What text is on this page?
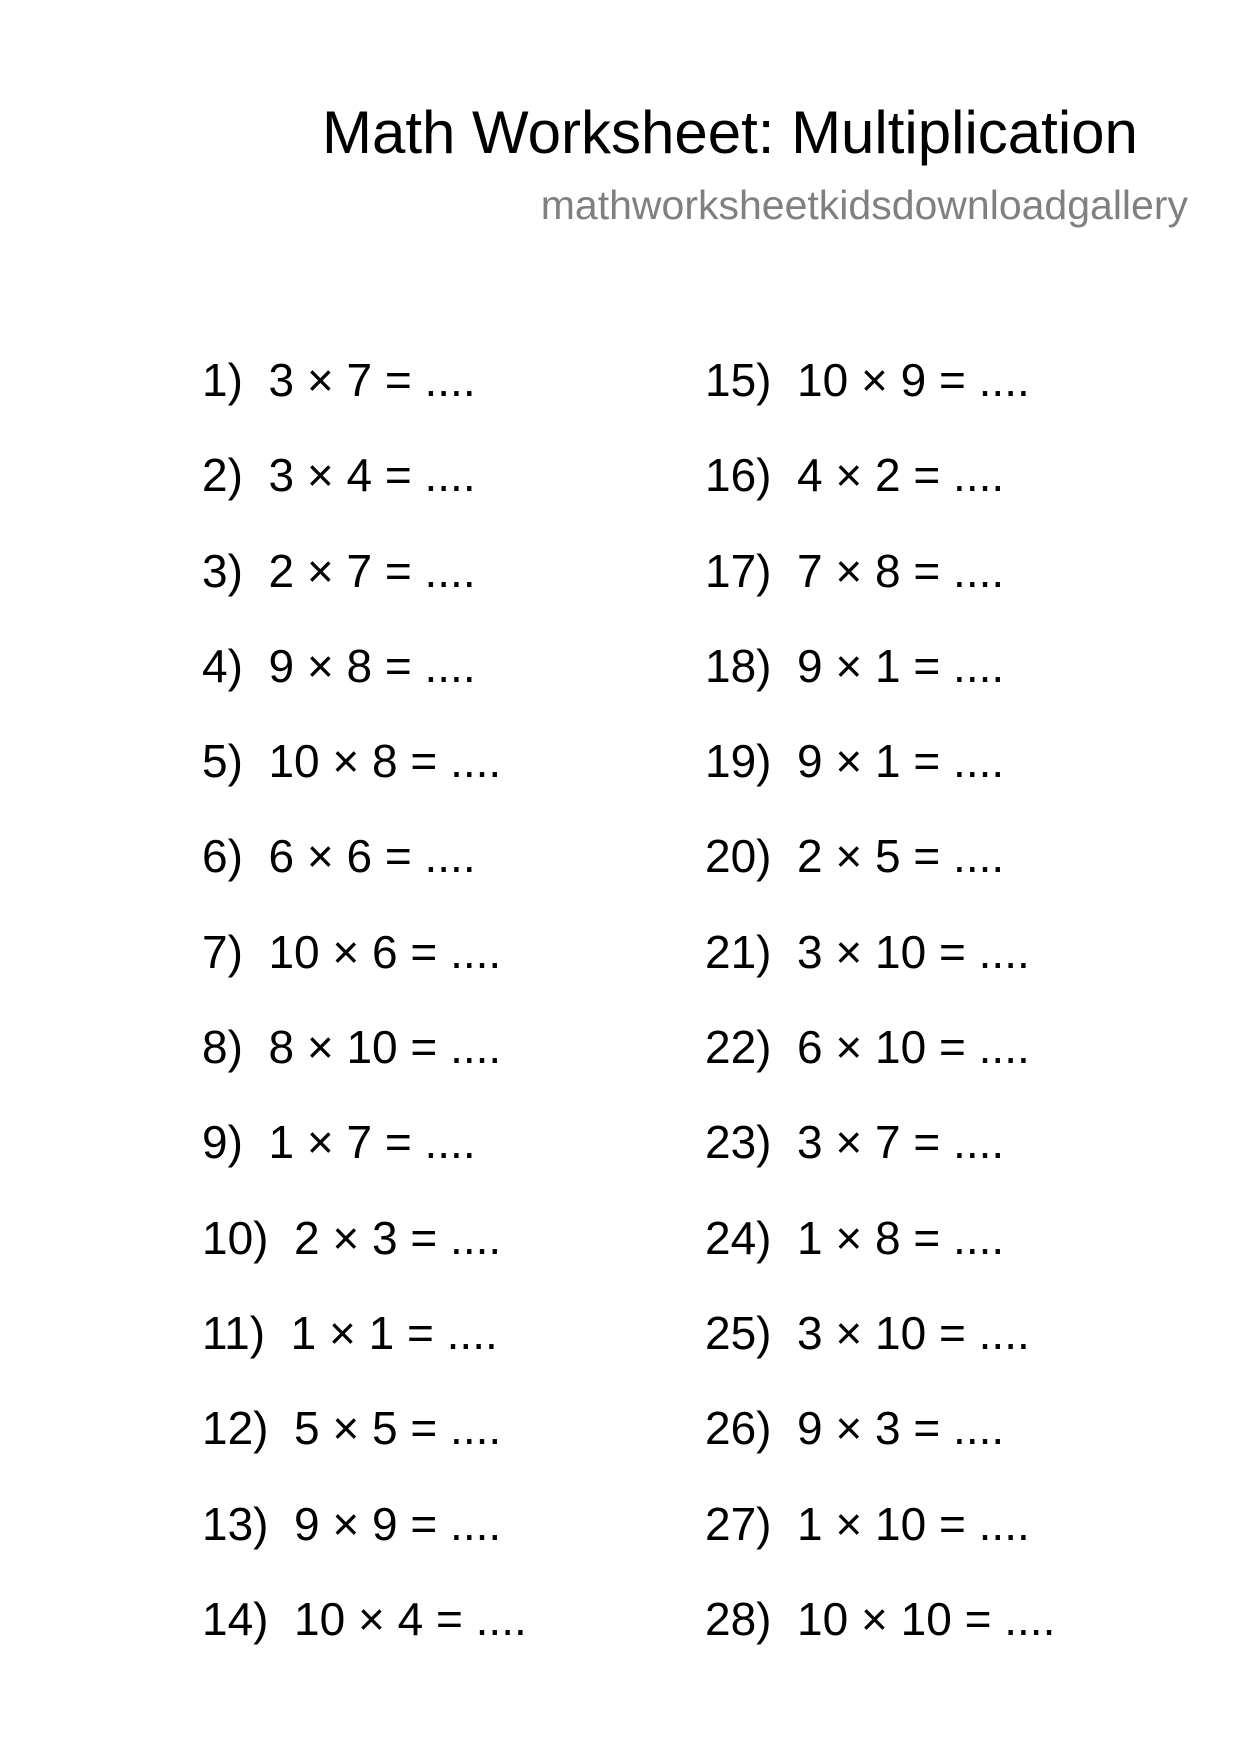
Math Worksheet: Multiplication
mathworksheetkidsdownloadgallery
1) 3 × 7 = ....
2) 3 × 4 = ....
3) 2 × 7 = ....
4) 9 × 8 = ....
5) 10 × 8 = ....
6) 6 × 6 = ....
7) 10 × 6 = ....
8) 8 × 10 = ....
9) 1 × 7 = ....
10) 2 × 3 = ....
11) 1 × 1 = ....
12) 5 × 5 = ....
13) 9 × 9 = ....
14) 10 × 4 = ....
15) 10 × 9 = ....
16) 4 × 2 = ....
17) 7 × 8 = ....
18) 9 × 1 = ....
19) 9 × 1 = ....
20) 2 × 5 = ....
21) 3 × 10 = ....
22) 6 × 10 = ....
23) 3 × 7 = ....
24) 1 × 8 = ....
25) 3 × 10 = ....
26) 9 × 3 = ....
27) 1 × 10 = ....
28) 10 × 10 = ....
